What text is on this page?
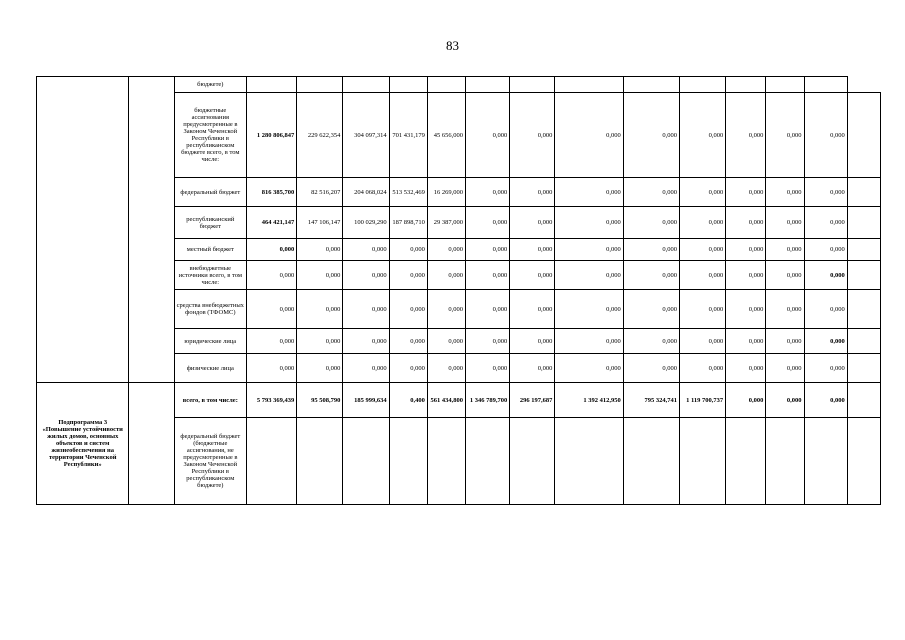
83
		бюджете)														
		бюджетные ассигнования предусмотренные в Законом Чеченской Республики в республиканском бюджете всего, в том числе:	1 280 806,847	229 622,354	304 097,314	701 431,179	45 656,000	0,000	0,000	0,000	0,000	0,000	0,000	0,000	0,000	
		федеральный бюджет	816 385,700	82 516,207	204 068,024	513 532,469	16 269,000	0,000	0,000	0,000	0,000	0,000	0,000	0,000	0,000	
		республиканский бюджет	464 421,147	147 106,147	100 029,290	187 898,710	29 387,000	0,000	0,000	0,000	0,000	0,000	0,000	0,000	0,000	
		местный бюджет	0,000	0,000	0,000	0,000	0,000	0,000	0,000	0,000	0,000	0,000	0,000	0,000	0,000	
		внебюджетные источники всего, в том числе:	0,000	0,000	0,000	0,000	0,000	0,000	0,000	0,000	0,000	0,000	0,000	0,000	0,000	
		средства внебюджетных фондов (ТФОМС)	0,000	0,000	0,000	0,000	0,000	0,000	0,000	0,000	0,000	0,000	0,000	0,000	0,000	
		юридические лица	0,000	0,000	0,000	0,000	0,000	0,000	0,000	0,000	0,000	0,000	0,000	0,000	0,000	
		физические лица	0,000	0,000	0,000	0,000	0,000	0,000	0,000	0,000	0,000	0,000	0,000	0,000	0,000	
Подпрограмма 3 «Повышение устойчивости жилых домов, основных объектов и систем жизнеобеспечения на территории Чеченской Республики»		всего, в том числе:	5 793 369,439	95 508,790	185 999,634	0,400	561 434,800	1 346 789,700	296 197,687	1 392 412,950	795 324,741	1 119 700,737	0,000	0,000	0,000	
		федеральный бюджет (бюджетные ассигнования, не предусмотренные в Законом Чеченской Республики в республиканском бюджете)														
